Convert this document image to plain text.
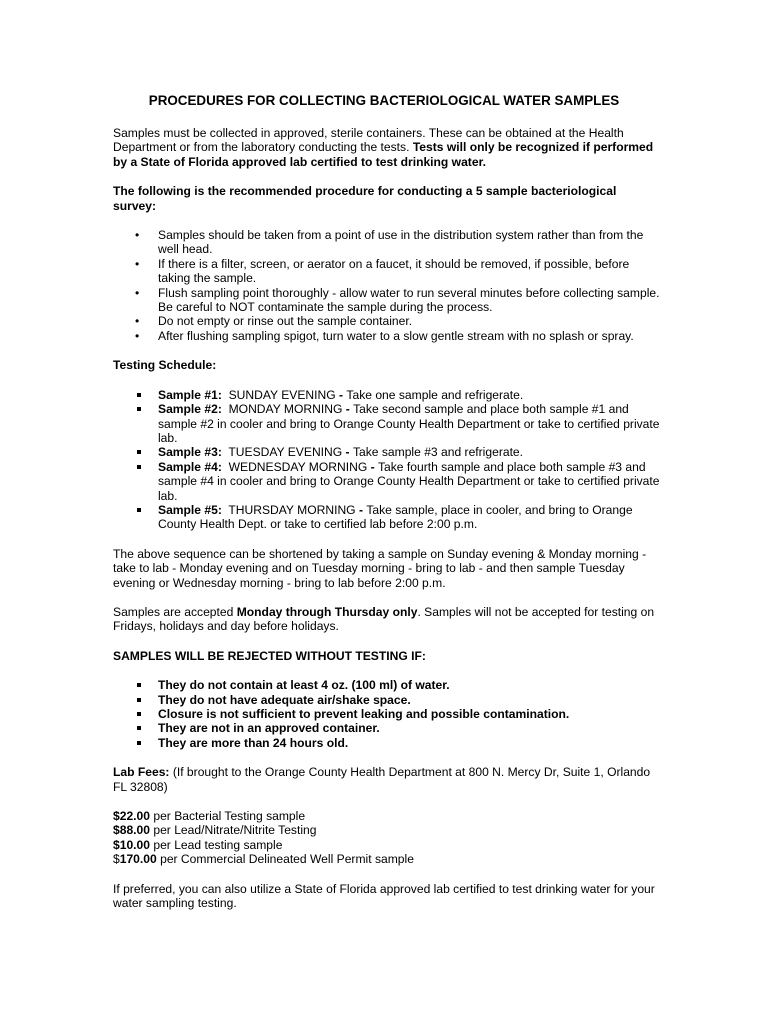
PROCEDURES FOR COLLECTING BACTERIOLOGICAL WATER SAMPLES

Samples must be collected in approved, sterile containers. These can be obtained at the Health Department or from the laboratory conducting the tests. Tests will only be recognized if performed by a State of Florida approved lab certified to test drinking water.

The following is the recommended procedure for conducting a 5 sample bacteriological survey:

• Samples should be taken from a point of use in the distribution system rather than from the well head.
• If there is a filter, screen, or aerator on a faucet, it should be removed, if possible, before taking the sample.
• Flush sampling point thoroughly - allow water to run several minutes before collecting sample. Be careful to NOT contaminate the sample during the process.
• Do not empty or rinse out the sample container.
• After flushing sampling spigot, turn water to a slow gentle stream with no splash or spray.

Testing Schedule:

Sample #1: SUNDAY EVENING - Take one sample and refrigerate.
Sample #2: MONDAY MORNING - Take second sample and place both sample #1 and sample #2 in cooler and bring to Orange County Health Department or take to certified private lab.
Sample #3: TUESDAY EVENING - Take sample #3 and refrigerate.
Sample #4: WEDNESDAY MORNING - Take fourth sample and place both sample #3 and sample #4 in cooler and bring to Orange County Health Department or take to certified private lab.
Sample #5: THURSDAY MORNING - Take sample, place in cooler, and bring to Orange County Health Dept. or take to certified lab before 2:00 p.m.

The above sequence can be shortened by taking a sample on Sunday evening & Monday morning - take to lab - Monday evening and on Tuesday morning - bring to lab - and then sample Tuesday evening or Wednesday morning - bring to lab before 2:00 p.m.

Samples are accepted Monday through Thursday only. Samples will not be accepted for testing on Fridays, holidays and day before holidays.

SAMPLES WILL BE REJECTED WITHOUT TESTING IF:

They do not contain at least 4 oz. (100 ml) of water.
They do not have adequate air/shake space.
Closure is not sufficient to prevent leaking and possible contamination.
They are not in an approved container.
They are more than 24 hours old.

Lab Fees: (If brought to the Orange County Health Department at 800 N. Mercy Dr, Suite 1, Orlando FL 32808)

$22.00 per Bacterial Testing sample

$88.00 per Lead/Nitrate/Nitrite Testing

$10.00 per Lead testing sample

$170.00 per Commercial Delineated Well Permit sample

If preferred, you can also utilize a State of Florida approved lab certified to test drinking water for your water sampling testing.
